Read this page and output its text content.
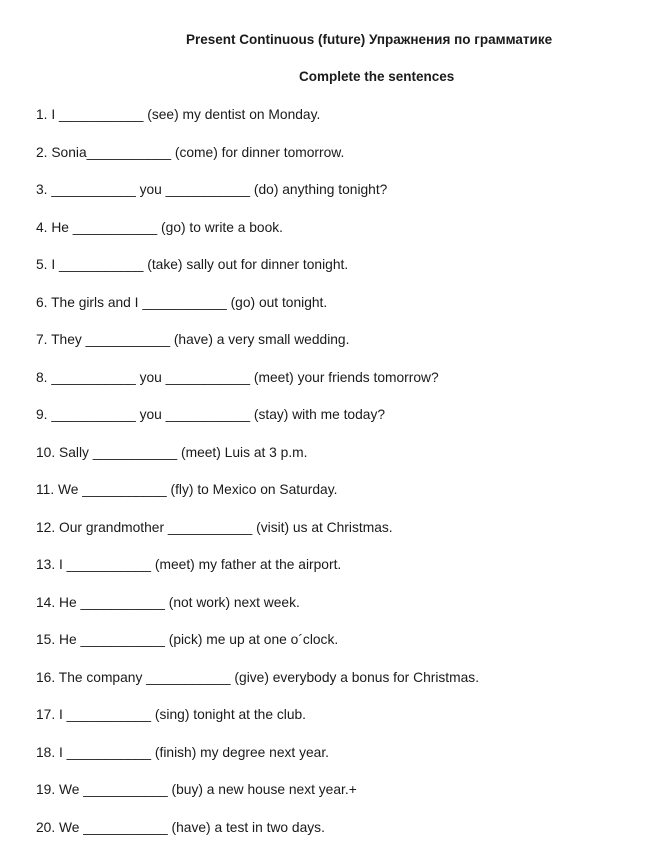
Present Continuous (future) Упражнения по грамматике
Complete the sentences
1. I ___________ (see) my dentist on Monday.
2. Sonia___________ (come) for dinner tomorrow.
3. ___________ you ___________ (do) anything tonight?
4. He ___________ (go) to write a book.
5. I ___________ (take) sally out for dinner tonight.
6. The girls and I ___________ (go) out tonight.
7. They ___________ (have) a very small wedding.
8. ___________ you ___________ (meet) your friends tomorrow?
9. ___________ you ___________ (stay) with me today?
10. Sally ___________ (meet) Luis at 3 p.m.
11. We ___________ (fly) to Mexico on Saturday.
12. Our grandmother ___________ (visit) us at Christmas.
13. I ___________ (meet) my father at the airport.
14. He ___________ (not work) next week.
15. He ___________ (pick) me up at one o´clock.
16. The company ___________ (give) everybody a bonus for Christmas.
17. I ___________ (sing) tonight at the club.
18. I ___________ (finish) my degree next year.
19. We ___________ (buy) a new house next year.+
20. We ___________ (have) a test in two days.
